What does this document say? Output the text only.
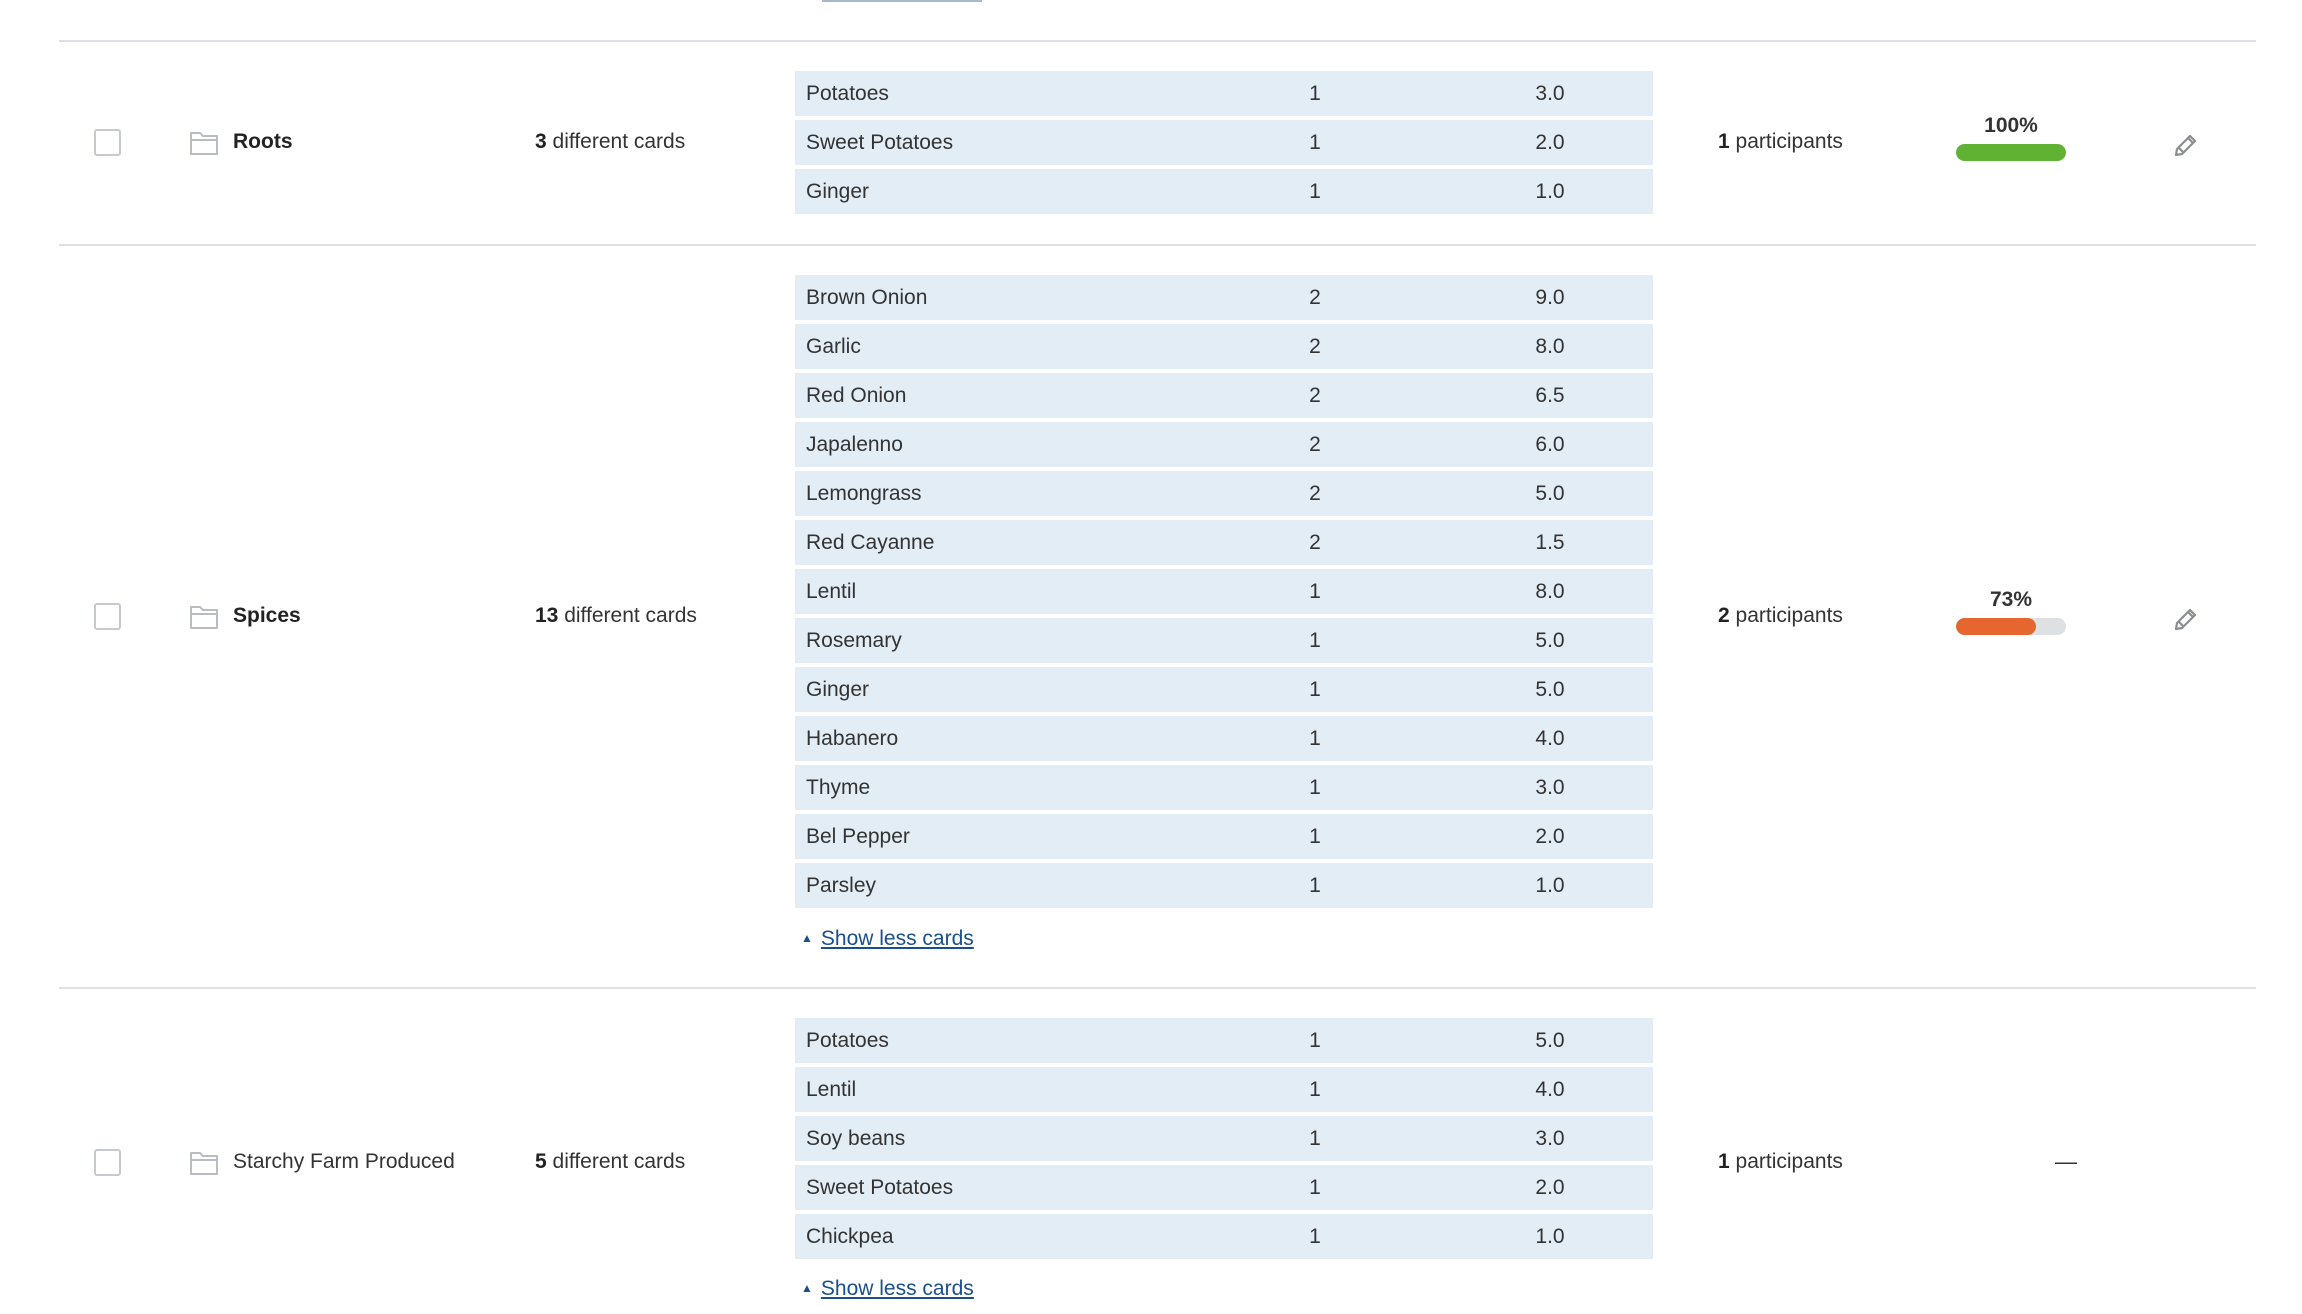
Roots	3 different cards
Potatoes	1	3.0
Sweet Potatoes	1	2.0
Ginger	1	1.0
1 participants
100%
Spices	13 different cards
Brown Onion	2	9.0
Garlic	2	8.0
Red Onion	2	6.5
Japalenno	2	6.0
Lemongrass	2	5.0
Red Cayanne	2	1.5
Lentil	1	8.0
Rosemary	1	5.0
Ginger	1	5.0
Habanero	1	4.0
Thyme	1	3.0
Bel Pepper	1	2.0
Parsley	1	1.0
▲ Show less cards
2 participants
73%
Starchy Farm Produced	5 different cards
Potatoes	1	5.0
Lentil	1	4.0
Soy beans	1	3.0
Sweet Potatoes	1	2.0
Chickpea	1	1.0
▲ Show less cards
1 participants	—
